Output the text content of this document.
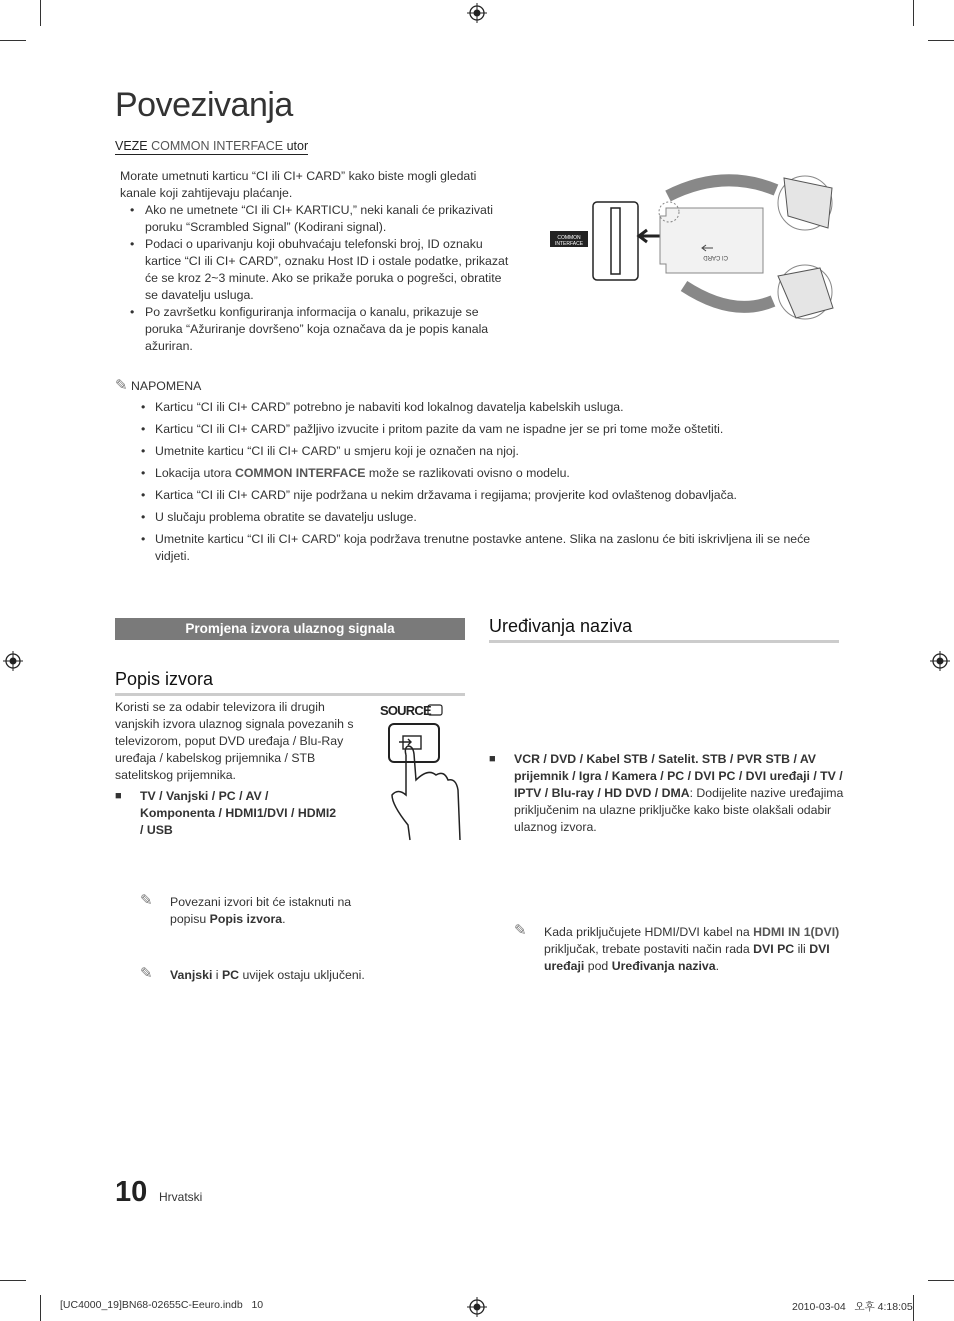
Povezivanja
VEZE COMMON INTERFACE utor
Morate umetnuti karticu “CI ili CI+ CARD” kako biste mogli gledati kanale koji zahtijevaju plaćanje.
• Ako ne umetnete “CI ili CI+ KARTICU,” neki kanali će prikazivati poruku “Scrambled Signal” (Kodirani signal).
• Podaci o uparivanju koji obuhvaćaju telefonski broj, ID oznaku kartice “CI ili CI+ CARD”, oznaku Host ID i ostale podatke, prikazat će se kroz 2~3 minute. Ako se prikaže poruka o pogrešci, obratite se davatelju usluga.
• Po završetku konfiguriranja informacija o kanalu, prikazuje se poruka “Ažuriranje dovršeno” koja označava da je popis kanala ažuriran.
COMMON
INTERFACE
CI CARD
✎ NAPOMENA
• Karticu “CI ili CI+ CARD” potrebno je nabaviti kod lokalnog davatelja kabelskih usluga.
• Karticu “CI ili CI+ CARD” pažljivo izvucite i pritom pazite da vam ne ispadne jer se pri tome može oštetiti.
• Umetnite karticu “CI ili CI+ CARD” u smjeru koji je označen na njoj.
• Lokacija utora COMMON INTERFACE može se razlikovati ovisno o modelu.
• Kartica “CI ili CI+ CARD” nije podržana u nekim državama i regijama; provjerite kod ovlaštenog dobavljača.
• U slučaju problema obratite se davatelju usluge.
• Umetnite karticu “CI ili CI+ CARD” koja podržava trenutne postavke antene. Slika na zaslonu će biti iskrivljena ili se neće vidjeti.
Promjena izvora ulaznog signala
Popis izvora
Koristi se za odabir televizora ili drugih vanjskih izvora ulaznog signala povezanih s televizorom, poput DVD uređaja / Blu-Ray uređaja / kabelskog prijemnika / STB satelitskog prijemnika.
■ TV / Vanjski / PC / AV / Komponenta / HDMI1/DVI / HDMI2 / USB
✎ Povezani izvori bit će istaknuti na popisu Popis izvora.
✎ Vanjski i PC uvijek ostaju uključeni.
SOURCE
Uređivanja naziva
■ VCR / DVD / Kabel STB / Satelit. STB / PVR STB / AV prijemnik / Igra / Kamera / PC / DVI PC / DVI uređaji / TV / IPTV / Blu-ray / HD DVD / DMA: Dodijelite nazive uređajima priključenim na ulazne priključke kako biste olakšali odabir ulaznog izvora.
✎ Kada priključujete HDMI/DVI kabel na HDMI IN 1(DVI) priključak, trebate postaviti način rada DVI PC ili DVI uređaji pod Uređivanja naziva.
10 Hrvatski
[UC4000_19]BN68-02655C-Eeuro.indb   10	2010-03-04   오후 4:18:05
